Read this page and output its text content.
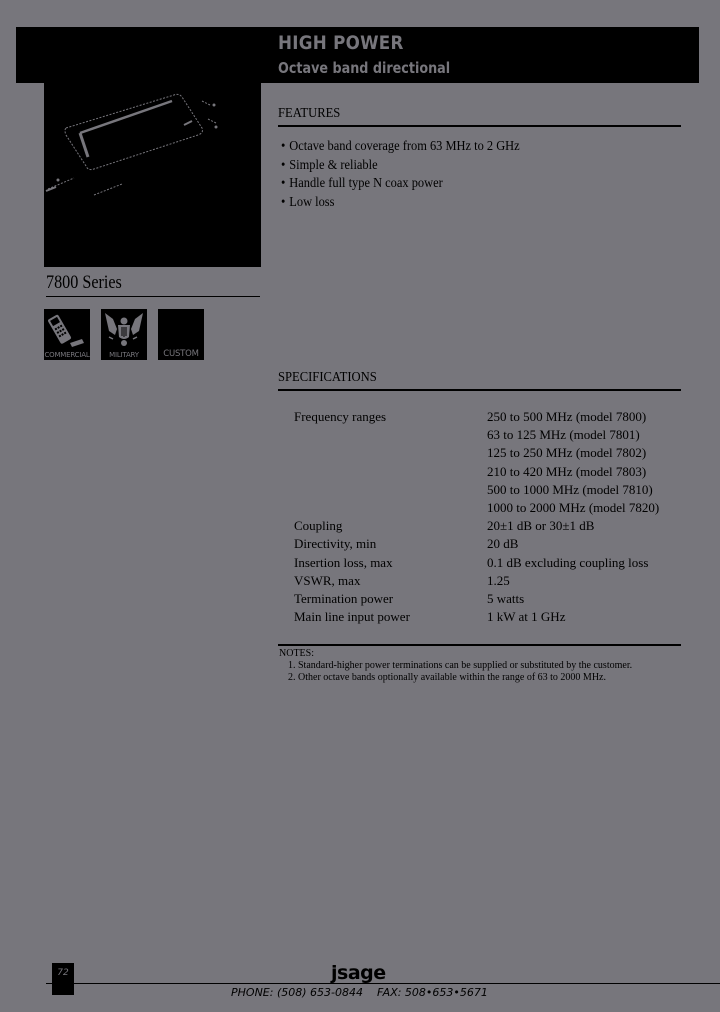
HIGH POWER
Octave band directional
7800 Series
COMMERCIAL	MILITARY	CUSTOM
FEATURES
• Octave band coverage from 63 MHz to 2 GHz
• Simple & reliable
• Handle full type N coax power
• Low loss
SPECIFICATIONS
Frequency ranges	250 to 500 MHz (model 7800)
	63 to 125 MHz (model 7801)
	125 to 250 MHz (model 7802)
	210 to 420 MHz (model 7803)
	500 to 1000 MHz (model 7810)
	1000 to 2000 MHz (model 7820)
Coupling	20±1 dB or 30±1 dB
Directivity, min	20 dB
Insertion loss, max	0.1 dB excluding coupling loss
VSWR, max	1.25
Termination power	5 watts
Main line input power	1 kW at 1 GHz
NOTES:
1. Standard-higher power terminations can be supplied or substituted by the customer.
2. Other octave bands optionally available within the range of 63 to 2000 MHz.
72	jsage
PHONE: (508) 653-0844 FAX: 508•653•5671
